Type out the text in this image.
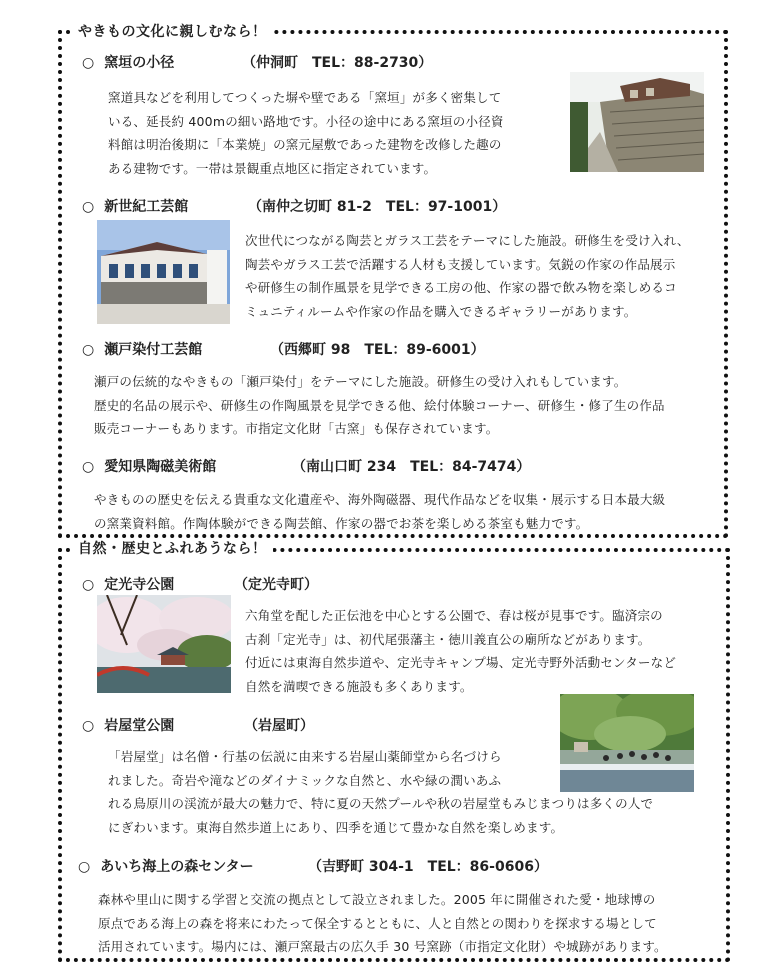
やきもの文化に親しむなら！
○ 窯垣の小径	（仲洞町　TEL：88-2730）
窯道具などを利用してつくった塀や壁である「窯垣」が多く密集して
いる、延長約 400mの細い路地です。小径の途中にある窯垣の小径資
料館は明治後期に「本業焼」の窯元屋敷であった建物を改修した趣の
ある建物です。一帯は景観重点地区に指定されています。
○ 新世紀工芸館	（南仲之切町 81-2　TEL：97-1001）
次世代につながる陶芸とガラス工芸をテーマにした施設。研修生を受け入れ、
陶芸やガラス工芸で活躍する人材も支援しています。気鋭の作家の作品展示
や研修生の制作風景を見学できる工房の他、作家の器で飲み物を楽しめるコ
ミュニティルームや作家の作品を購入できるギャラリーがあります。
○ 瀬戸染付工芸館	（西郷町 98　TEL：89-6001）
瀬戸の伝統的なやきもの「瀬戸染付」をテーマにした施設。研修生の受け入れもしています。
歴史的名品の展示や、研修生の作陶風景を見学できる他、絵付体験コーナー、研修生・修了生の作品
販売コーナーもあります。市指定文化財「古窯」も保存されています。
○ 愛知県陶磁美術館	（南山口町 234　TEL：84-7474）
やきものの歴史を伝える貴重な文化遺産や、海外陶磁器、現代作品などを収集・展示する日本最大級
の窯業資料館。作陶体験ができる陶芸館、作家の器でお茶を楽しめる茶室も魅力です。
自然・歴史とふれあうなら！
○ 定光寺公園	（定光寺町）
六角堂を配した正伝池を中心とする公園で、春は桜が見事です。臨済宗の
古刹「定光寺」は、初代尾張藩主・徳川義直公の廟所などがあります。
付近には東海自然歩道や、定光寺キャンプ場、定光寺野外活動センターなど
自然を満喫できる施設も多くあります。
○ 岩屋堂公園	（岩屋町）
「岩屋堂」は名僧・行基の伝説に由来する岩屋山薬師堂から名づけら
れました。奇岩や滝などのダイナミックな自然と、水や緑の潤いあふ
れる鳥原川の渓流が最大の魅力で、特に夏の天然プールや秋の岩屋堂もみじまつりは多くの人で
にぎわいます。東海自然歩道上にあり、四季を通じて豊かな自然を楽しめます。
○ あいち海上の森センター	（吉野町 304-1　TEL：86-0606）
森林や里山に関する学習と交流の拠点として設立されました。2005 年に開催された愛・地球博の
原点である海上の森を将来にわたって保全するとともに、人と自然との関わりを探求する場として
活用されています。場内には、瀬戸窯最古の広久手 30 号窯跡（市指定文化財）や城跡があります。
